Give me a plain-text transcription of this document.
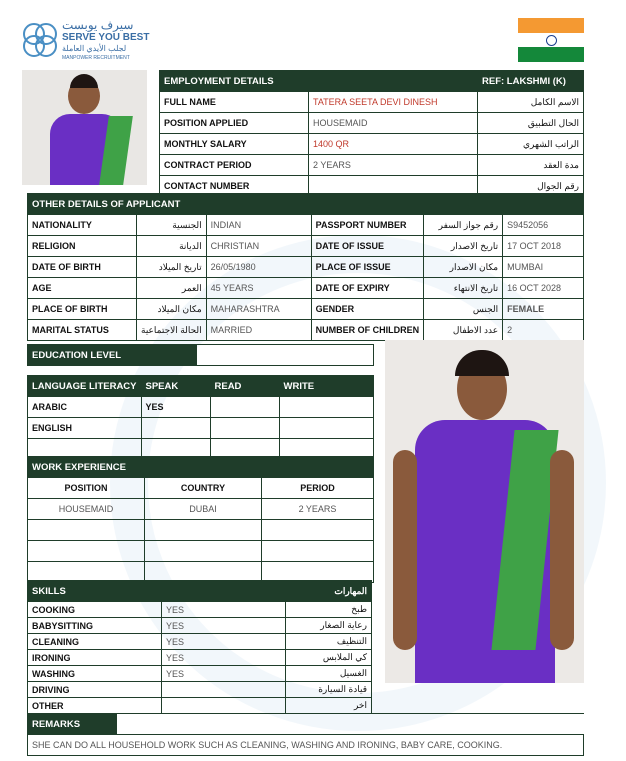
سيرف يوبست
SERVE YOU BEST
لجلب الأيدي العاملة
MANPOWER RECRUITMENT
EMPLOYMENT DETAILS		REF: LAKSHMI (K)
FULL NAME	TATERA SEETA DEVI DINESH	الاسم الكامل
POSITION APPLIED	HOUSEMAID	الحال التطبيق
MONTHLY SALARY	1400 QR	الراتب الشهري
CONTRACT PERIOD	2 YEARS	مدة العقد
CONTACT NUMBER		رقم الجوال
OTHER DETAILS OF APPLICANT					
NATIONALITY	الجنسية	INDIAN	PASSPORT NUMBER	رقم جواز السفر	S9452056
RELIGION	الديانة	CHRISTIAN	DATE OF ISSUE	تاريخ الاصدار	17 OCT 2018
DATE OF BIRTH	تاريخ الميلاد	26/05/1980	PLACE OF ISSUE	مكان الاصدار	MUMBAI
AGE	العمر	45 YEARS	DATE OF EXPIRY	تاريخ الانتهاء	16 OCT 2028
PLACE OF BIRTH	مكان الميلاد	MAHARASHTRA	GENDER	الجنس	FEMALE
MARITAL STATUS	الحالة الاجتماعية	MARRIED	NUMBER OF CHILDREN	عدد الاطفال	2
EDUCATION LEVEL	
LANGUAGE LITERACY	SPEAK	READ	WRITE
ARABIC	YES		
ENGLISH			

WORK EXPERIENCE		
POSITION	COUNTRY	PERIOD
HOUSEMAID	DUBAI	2 YEARS

SKILLS		المهارات
COOKING	YES	طبخ
BABYSITTING	YES	رعاية الصغار
CLEANING	YES	التنظيف
IRONING	YES	كي الملابس
WASHING	YES	الغسيل
DRIVING		قيادة السيارة
OTHER		اخر
REMARKS	
SHE CAN DO ALL HOUSEHOLD WORK SUCH AS CLEANING, WASHING AND IRONING, BABY CARE, COOKING.
